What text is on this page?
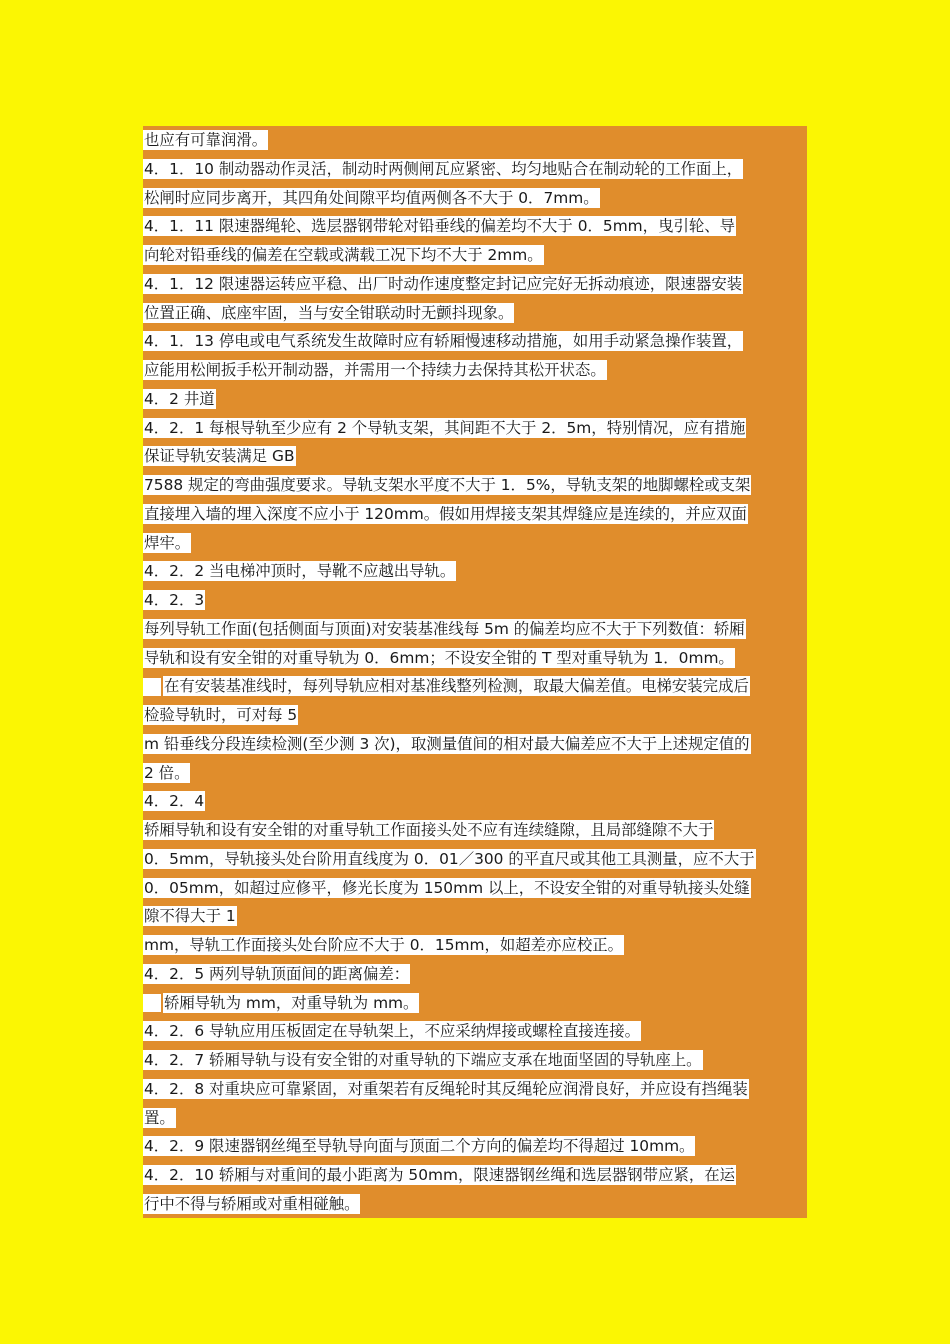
也应有可靠润滑。
4．1．10 制动器动作灵活，制动时两侧闸瓦应紧密、均匀地贴合在制动轮的工作面上，
松闸时应同步离开，其四角处间隙平均值两侧各不大于 0．7mm。
4．1．11 限速器绳轮、选层器钢带轮对铅垂线的偏差均不大于 0．5mm，曳引轮、导
向轮对铅垂线的偏差在空载或满载工况下均不大于 2mm。
4．1．12 限速器运转应平稳、出厂时动作速度整定封记应完好无拆动痕迹，限速器安装
位置正确、底座牢固，当与安全钳联动时无颤抖现象。
4．1．13 停电或电气系统发生故障时应有轿厢慢速移动措施，如用手动紧急操作装置，
应能用松闸扳手松开制动器，并需用一个持续力去保持其松开状态。
4．2 井道
4．2．1 每根导轨至少应有 2 个导轨支架，其间距不大于 2．5m，特别情况，应有措施
保证导轨安装满足 GB
7588 规定的弯曲强度要求。导轨支架水平度不大于 1．5%，导轨支架的地脚螺栓或支架
直接埋入墙的埋入深度不应小于 120mm。假如用焊接支架其焊缝应是连续的，并应双面
焊牢。
4．2．2 当电梯冲顶时，导靴不应越出导轨。
4．2．3
每列导轨工作面(包括侧面与顶面)对安装基准线每 5m 的偏差均应不大于下列数值：轿厢
导轨和设有安全钳的对重导轨为 0．6mm；不设安全钳的 T 型对重导轨为 1．0mm。
在有安装基准线时，每列导轨应相对基准线整列检测，取最大偏差值。电梯安装完成后
检验导轨时，可对每 5
m 铅垂线分段连续检测(至少测 3 次)，取测量值间的相对最大偏差应不大于上述规定值的
2 倍。
4．2．4
轿厢导轨和设有安全钳的对重导轨工作面接头处不应有连续缝隙，且局部缝隙不大于
0．5mm，导轨接头处台阶用直线度为 0．01／300 的平直尺或其他工具测量，应不大于
0．05mm，如超过应修平，修光长度为 150mm 以上，不设安全钳的对重导轨接头处缝
隙不得大于 1
mm，导轨工作面接头处台阶应不大于 0．15mm，如超差亦应校正。
4．2．5 两列导轨顶面间的距离偏差：
轿厢导轨为 mm，对重导轨为 mm。
4．2．6 导轨应用压板固定在导轨架上，不应采纳焊接或螺栓直接连接。
4．2．7 轿厢导轨与设有安全钳的对重导轨的下端应支承在地面坚固的导轨座上。
4．2．8 对重块应可靠紧固，对重架若有反绳轮时其反绳轮应润滑良好，并应设有挡绳装
置。
4．2．9 限速器钢丝绳至导轨导向面与顶面二个方向的偏差均不得超过 10mm。
4．2．10 轿厢与对重间的最小距离为 50mm，限速器钢丝绳和选层器钢带应紧，在运
行中不得与轿厢或对重相碰触。
